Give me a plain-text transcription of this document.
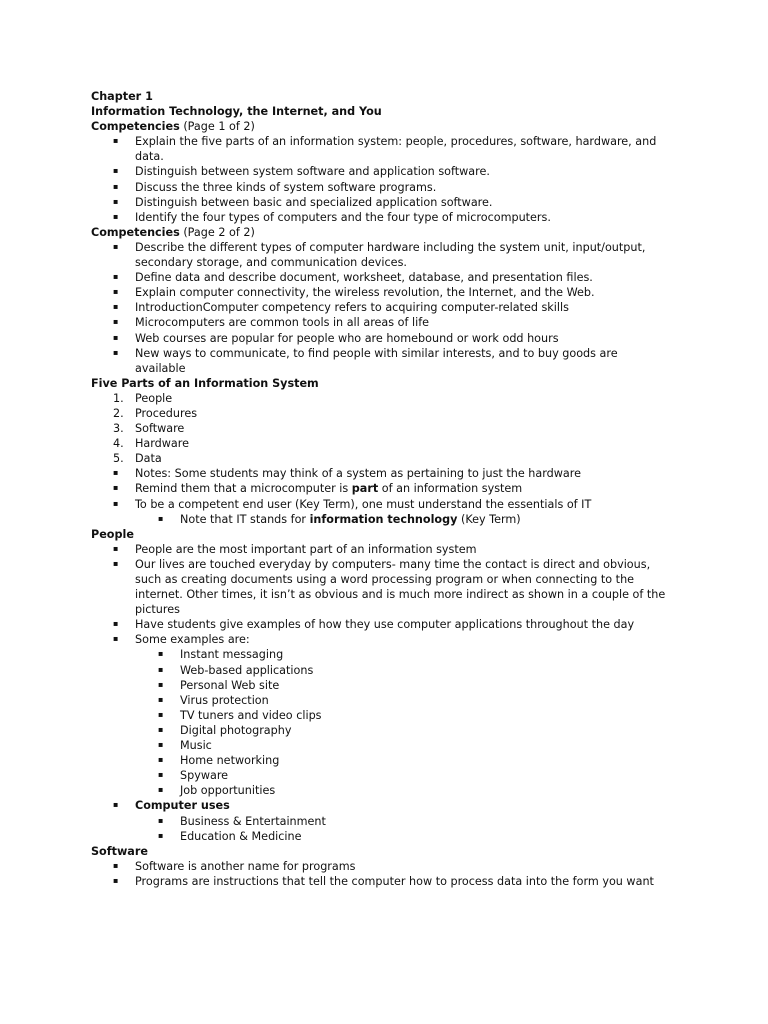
Chapter 1
Information Technology, the Internet, and You
Competencies (Page 1 of 2)
▪	Explain the five parts of an information system: people, procedures, software, hardware, and
data.
▪	Distinguish between system software and application software.
▪	Discuss the three kinds of system software programs.
▪	Distinguish between basic and specialized application software.
▪	Identify the four types of computers and the four type of microcomputers.
Competencies (Page 2 of 2)
▪	Describe the different types of computer hardware including the system unit, input/output,
secondary storage, and communication devices.
▪	Define data and describe document, worksheet, database, and presentation files.
▪	Explain computer connectivity, the wireless revolution, the Internet, and the Web.
▪	IntroductionComputer competency refers to acquiring computer-related skills
▪	Microcomputers are common tools in all areas of life
▪	Web courses are popular for people who are homebound or work odd hours
▪	New ways to communicate, to find people with similar interests, and to buy goods are
available
Five Parts of an Information System
1.	People
2.	Procedures
3.	Software
4.	Hardware
5.	Data
▪	Notes: Some students may think of a system as pertaining to just the hardware
▪	Remind them that a microcomputer is part of an information system
▪	To be a competent end user (Key Term), one must understand the essentials of IT
▪	Note that IT stands for information technology (Key Term)
People
▪	People are the most important part of an information system
▪	Our lives are touched everyday by computers- many time the contact is direct and obvious,
such as creating documents using a word processing program or when connecting to the
internet. Other times, it isn’t as obvious and is much more indirect as shown in a couple of the
pictures
▪	Have students give examples of how they use computer applications throughout the day
▪	Some examples are:
▪	Instant messaging
▪	Web-based applications
▪	Personal Web site
▪	Virus protection
▪	TV tuners and video clips
▪	Digital photography
▪	Music
▪	Home networking
▪	Spyware
▪	Job opportunities
▪	Computer uses
▪	Business & Entertainment
▪	Education & Medicine
Software
▪	Software is another name for programs
▪	Programs are instructions that tell the computer how to process data into the form you want
